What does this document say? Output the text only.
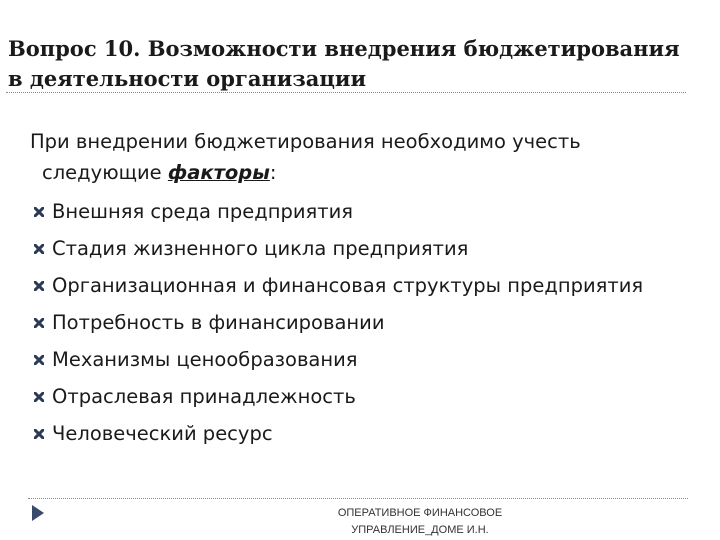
Вопрос 10. Возможности внедрения бюджетирования
в деятельности организации
При внедрении бюджетирования необходимо учесть
следующие факторы:
Внешняя среда предприятия
Стадия жизненного цикла предприятия
Организационная и финансовая структуры предприятия
Потребность в финансировании
Механизмы ценообразования
Отраслевая принадлежность
Человеческий ресурс
ОПЕРАТИВНОЕ ФИНАНСОВОЕ
УПРАВЛЕНИЕ_ДОМЕ И.Н.
